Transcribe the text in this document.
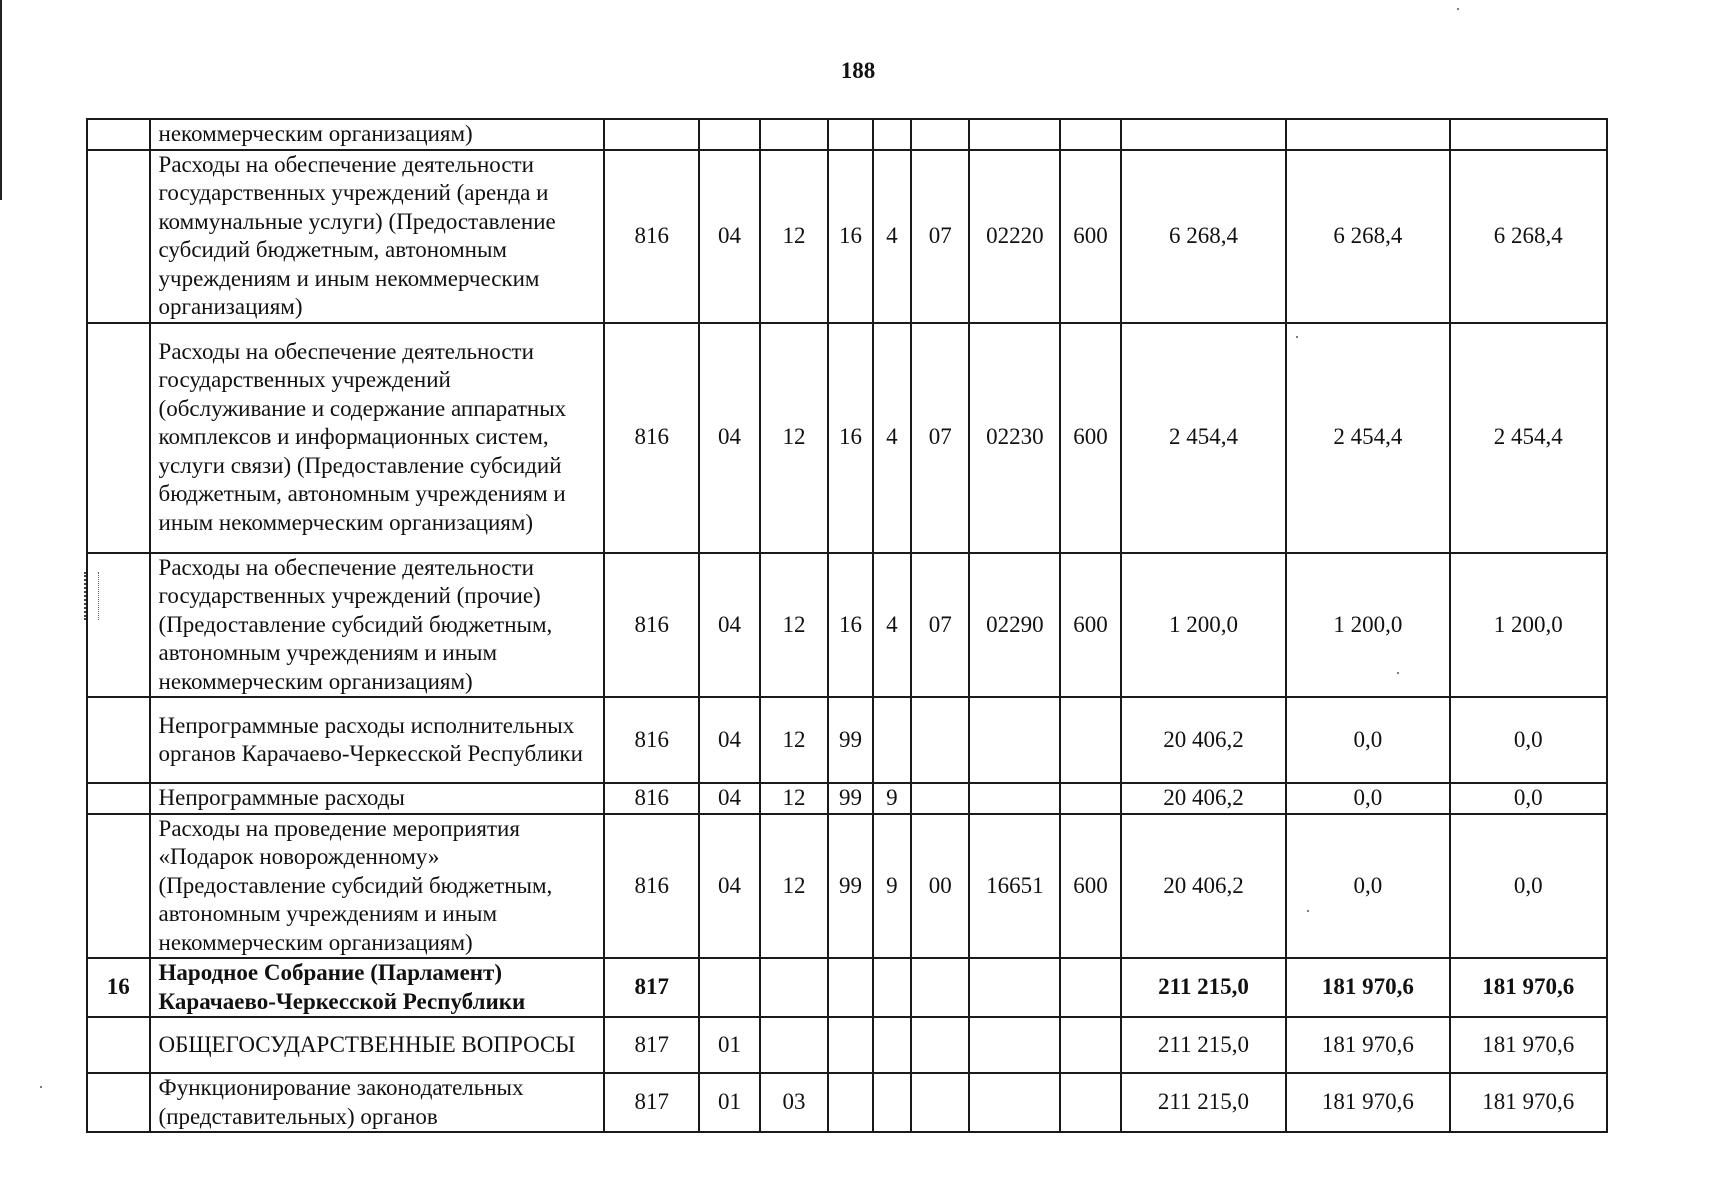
188
	некоммерческим организациям)											
	Расходы на обеспечение деятельности государственных учреждений (аренда и коммунальные услуги) (Предоставление субсидий бюджетным, автономным учреждениям и иным некоммерческим организациям)	816	04	12	16	4	07	02220	600	6 268,4	6 268,4	6 268,4
	Расходы на обеспечение деятельности государственных учреждений (обслуживание и содержание аппаратных комплексов и информационных систем, услуги связи) (Предоставление субсидий бюджетным, автономным учреждениям и иным некоммерческим организациям)	816	04	12	16	4	07	02230	600	2 454,4	2 454,4	2 454,4
	Расходы на обеспечение деятельности государственных учреждений (прочие) (Предоставление субсидий бюджетным, автономным учреждениям и иным некоммерческим организациям)	816	04	12	16	4	07	02290	600	1 200,0	1 200,0	1 200,0
	Непрограммные расходы исполнительных органов Карачаево-Черкесской Республики	816	04	12	99					20 406,2	0,0	0,0
	Непрограммные расходы	816	04	12	99	9				20 406,2	0,0	0,0
	Расходы на проведение мероприятия «Подарок новорожденному» (Предоставление субсидий бюджетным, автономным учреждениям и иным некоммерческим организациям)	816	04	12	99	9	00	16651	600	20 406,2	0,0	0,0
16	Народное Собрание (Парламент) Карачаево-Черкесской Республики	817								211 215,0	181 970,6	181 970,6
	ОБЩЕГОСУДАРСТВЕННЫЕ ВОПРОСЫ	817	01							211 215,0	181 970,6	181 970,6
	Функционирование законодательных (представительных) органов	817	01	03						211 215,0	181 970,6	181 970,6
